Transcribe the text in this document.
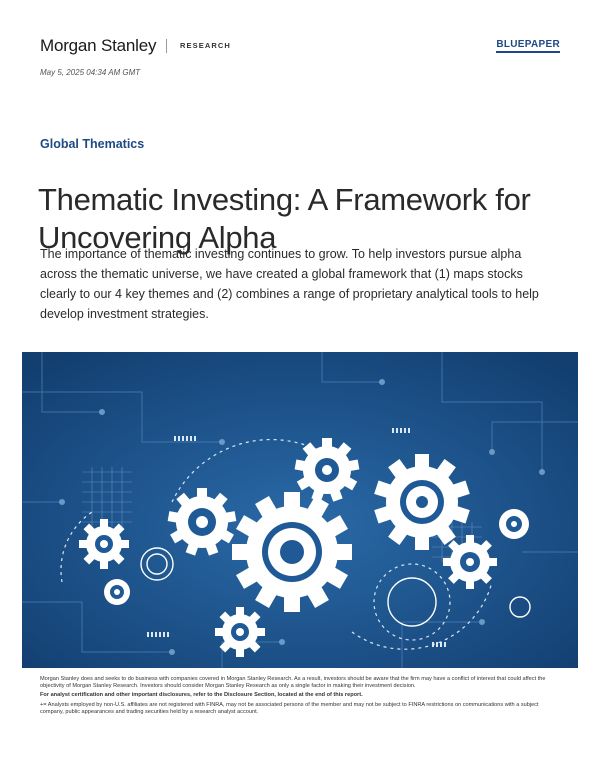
Morgan Stanley	RESEARCH	BLUEPAPER
May 5, 2025 04:34 AM GMT
Global Thematics
Thematic Investing: A Framework for Uncovering Alpha
The importance of thematic investing continues to grow. To help investors pursue alpha across the thematic universe, we have created a global framework that (1) maps stocks clearly to our 4 key themes and (2) combines a range of proprietary analytical tools to help develop investment strategies.

Morgan Stanley does and seeks to do business with companies covered in Morgan Stanley Research. As a result, investors should be aware that the firm may have a conflict of interest that could affect the objectivity of Morgan Stanley Research. Investors should consider Morgan Stanley Research as only a single factor in making their investment decision.

For analyst certification and other important disclosures, refer to the Disclosure Section, located at the end of this report.

+= Analysts employed by non-U.S. affiliates are not registered with FINRA, may not be associated persons of the member and may not be subject to FINRA restrictions on communications with a subject company, public appearances and trading securities held by a research analyst account.
